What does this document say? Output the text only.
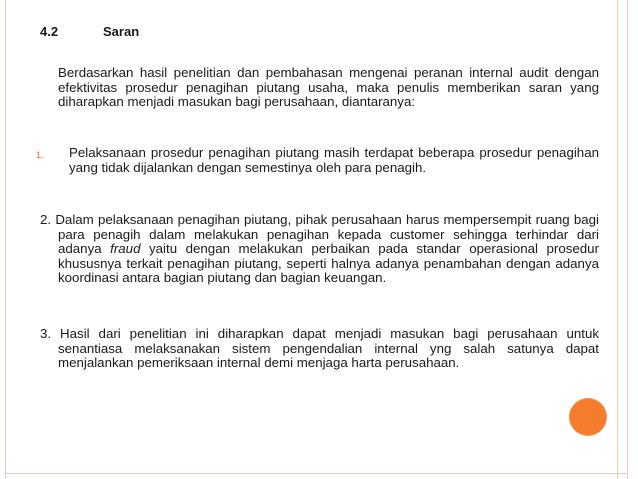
4.2	Saran
Berdasarkan hasil penelitian dan pembahasan mengenai peranan internal audit dengan efektivitas prosedur penagihan piutang usaha, maka penulis memberikan saran yang diharapkan menjadi masukan bagi perusahaan, diantaranya:
1. Pelaksanaan prosedur penagihan piutang masih terdapat beberapa prosedur penagihan yang tidak dijalankan dengan semestinya oleh para penagih.
2. Dalam pelaksanaan penagihan piutang, pihak perusahaan harus mempersempit ruang bagi para penagih dalam melakukan penagihan kepada customer sehingga terhindar dari adanya fraud yaitu dengan melakukan perbaikan pada standar operasional prosedur khususnya terkait penagihan piutang, seperti halnya adanya penambahan dengan adanya koordinasi antara bagian piutang dan bagian keuangan.
3. Hasil dari penelitian ini diharapkan dapat menjadi masukan bagi perusahaan untuk senantiasa melaksanakan sistem pengendalian internal yng salah satunya dapat menjalankan pemeriksaan internal demi menjaga harta perusahaan.
